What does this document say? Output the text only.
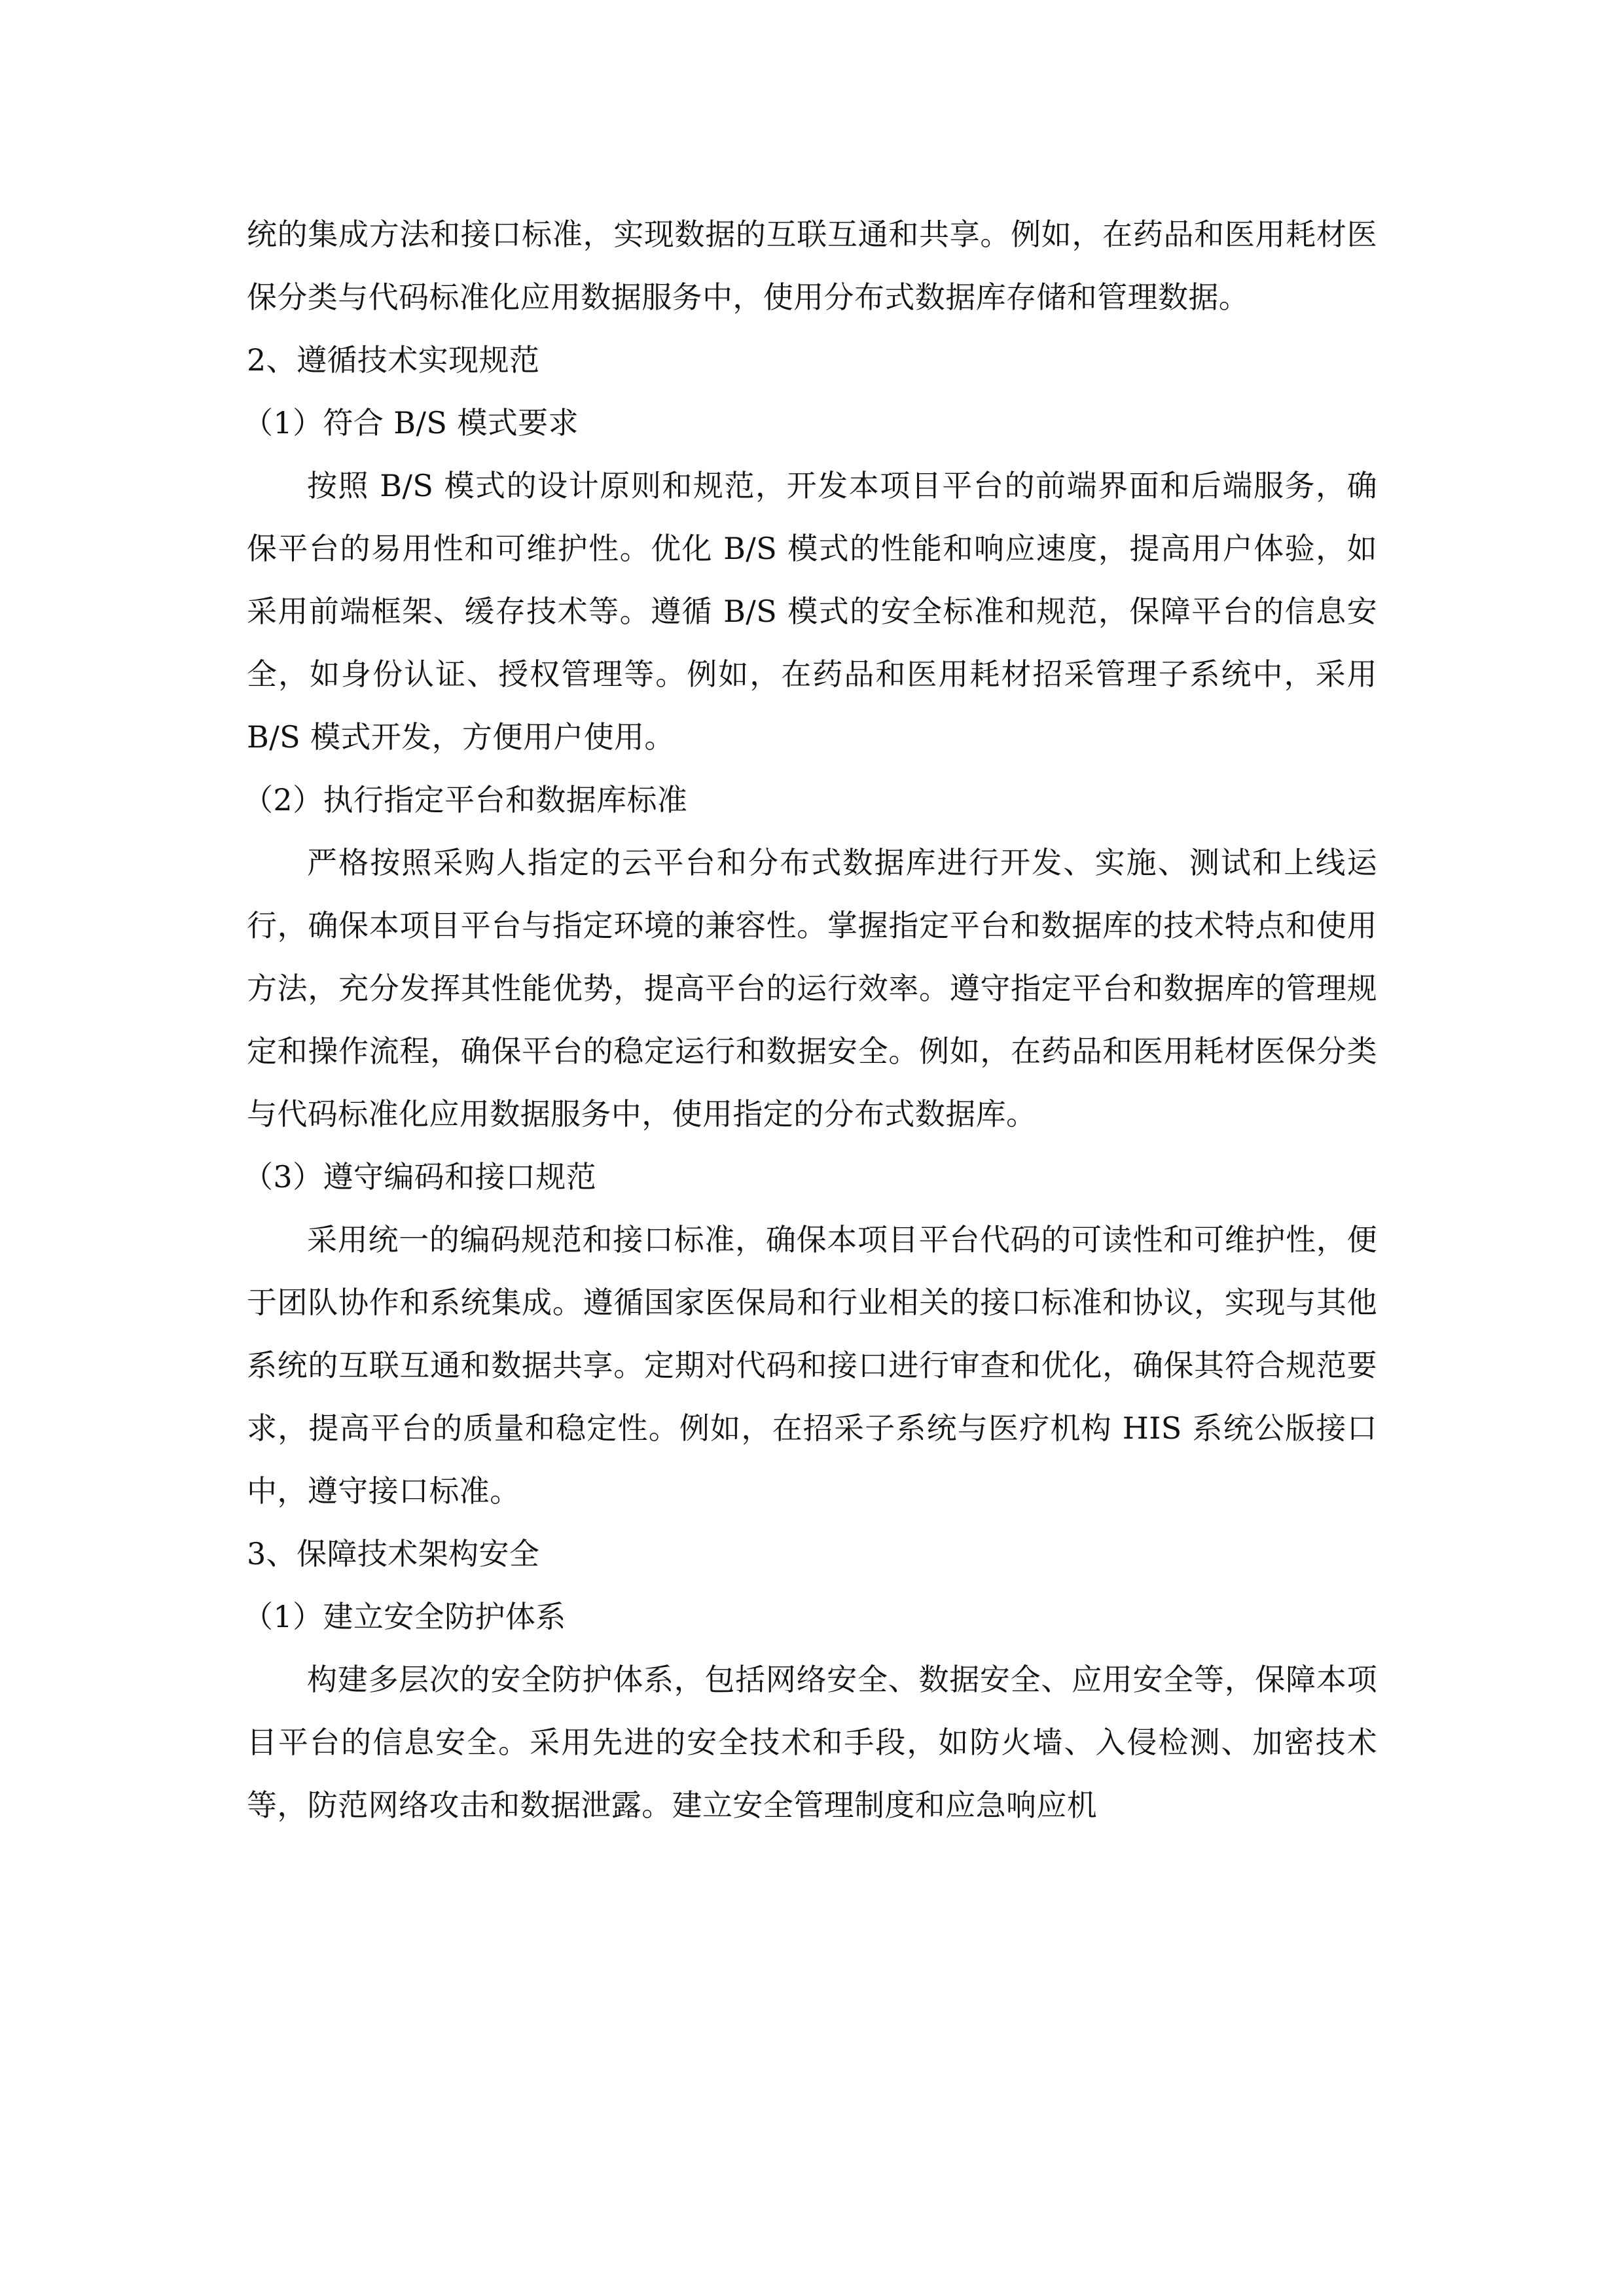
统的集成方法和接口标准，实现数据的互联互通和共享。例如，在药品和医用耗材医保分类与代码标准化应用数据服务中，使用分布式数据库存储和管理数据。

2、遵循技术实现规范

（1）符合 B/S 模式要求

按照 B/S 模式的设计原则和规范，开发本项目平台的前端界面和后端服务，确保平台的易用性和可维护性。优化 B/S 模式的性能和响应速度，提高用户体验，如采用前端框架、缓存技术等。遵循 B/S 模式的安全标准和规范，保障平台的信息安全，如身份认证、授权管理等。例如，在药品和医用耗材招采管理子系统中，采用 B/S 模式开发，方便用户使用。

（2）执行指定平台和数据库标准

严格按照采购人指定的云平台和分布式数据库进行开发、实施、测试和上线运行，确保本项目平台与指定环境的兼容性。掌握指定平台和数据库的技术特点和使用方法，充分发挥其性能优势，提高平台的运行效率。遵守指定平台和数据库的管理规定和操作流程，确保平台的稳定运行和数据安全。例如，在药品和医用耗材医保分类与代码标准化应用数据服务中，使用指定的分布式数据库。

（3）遵守编码和接口规范

采用统一的编码规范和接口标准，确保本项目平台代码的可读性和可维护性，便于团队协作和系统集成。遵循国家医保局和行业相关的接口标准和协议，实现与其他系统的互联互通和数据共享。定期对代码和接口进行审查和优化，确保其符合规范要求，提高平台的质量和稳定性。例如，在招采子系统与医疗机构 HIS 系统公版接口中，遵守接口标准。

3、保障技术架构安全

（1）建立安全防护体系

构建多层次的安全防护体系，包括网络安全、数据安全、应用安全等，保障本项目平台的信息安全。采用先进的安全技术和手段，如防火墙、入侵检测、加密技术等，防范网络攻击和数据泄露。建立安全管理制度和应急响应机
